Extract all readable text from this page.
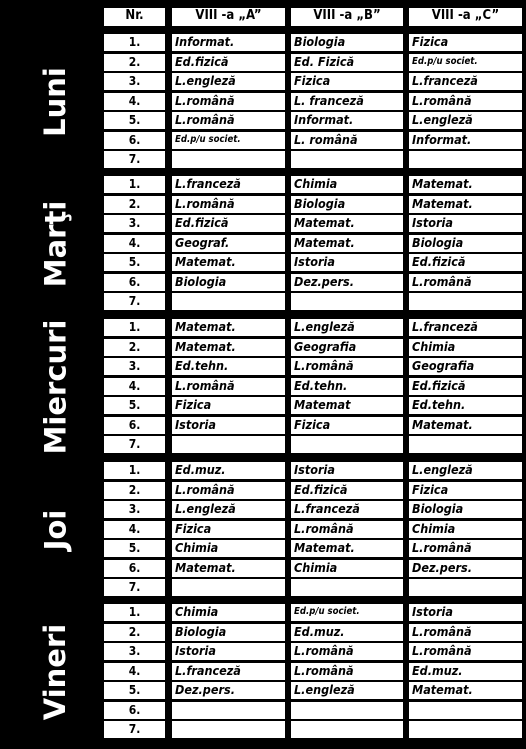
Nr.	VIII -a „A”	VIII -a „B”	VIII -a „C”
Luni
1.	Informat.	Biologia	Fizica
2.	Ed.fizică	Ed. Fizică	Ed.p/u societ.
3.	L.engleză	Fizica	L.franceză
4.	L.română	L. franceză	L.română
5.	L.română	Informat.	L.engleză
6.	Ed.p/u societ.	L. română	Informat.
7.
Marţi
1.	L.franceză	Chimia	Matemat.
2.	L.română	Biologia	Matemat.
3.	Ed.fizică	Matemat.	Istoria
4.	Geograf.	Matemat.	Biologia
5.	Matemat.	Istoria	Ed.fizică
6.	Biologia	Dez.pers.	L.română
7.
Miercuri	1.	Matemat.	L.engleză	L.franceză
2.	Matemat.	Geografia	Chimia
3.	Ed.tehn.	L.română	Geografia
4.	L.română	Ed.tehn.	Ed.fizică
5.	Fizica	Matemat	Ed.tehn.
6.	Istoria	Fizica	Matemat.
7.
Joi
1.	Ed.muz.	Istoria	L.engleză
2.	L.română	Ed.fizică	Fizica
3.	L.engleză	L.franceză	Biologia
4.	Fizica	L.română	Chimia
5.	Chimia	Matemat.	L.română
6.	Matemat.	Chimia	Dez.pers.
7.
Vineri
1.	Chimia	Ed.p/u societ.	Istoria
2.	Biologia	Ed.muz.	L.română
3.	Istoria	L.română	L.română
4.	L.franceză	L.română	Ed.muz.
5.	Dez.pers.	L.engleză	Matemat.
6.
7.
